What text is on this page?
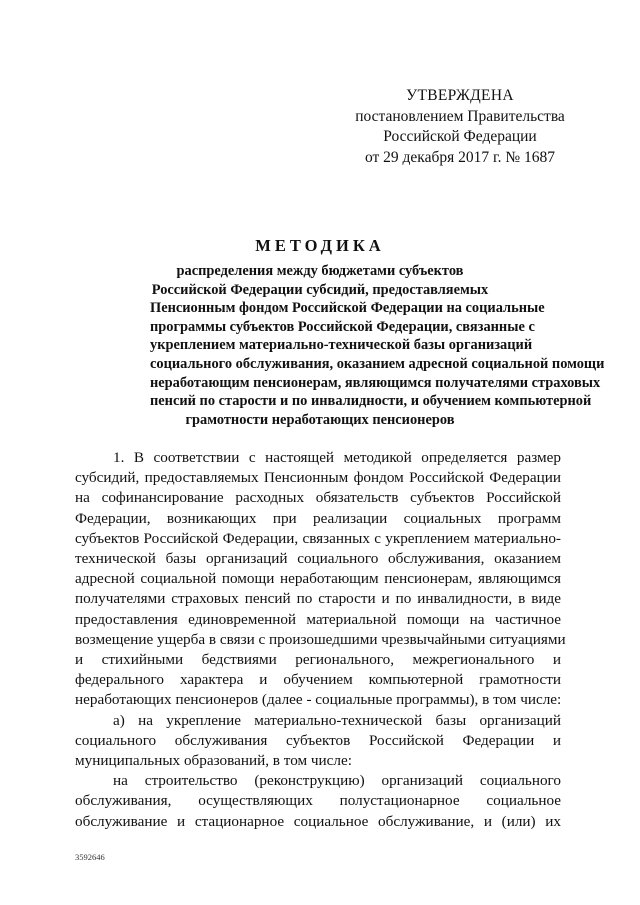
УТВЕРЖДЕНА
постановлением Правительства
Российской Федерации
от 29 декабря 2017 г. № 1687
МЕТОДИКА
распределения между бюджетами субъектов
Российской Федерации субсидий, предоставляемых
Пенсионным фондом Российской Федерации на социальные
программы субъектов Российской Федерации, связанные с
укреплением материально-технической базы организаций
социального обслуживания, оказанием адресной социальной помощи
неработающим пенсионерам, являющимся получателями страховых
пенсий по старости и по инвалидности, и обучением компьютерной
грамотности неработающих пенсионеров
1. В соответствии с настоящей методикой определяется размер
субсидий, предоставляемых Пенсионным фондом Российской Федерации
на софинансирование расходных обязательств субъектов Российской
Федерации, возникающих при реализации социальных программ
субъектов Российской Федерации, связанных с укреплением материально-
технической базы организаций социального обслуживания, оказанием
адресной социальной помощи неработающим пенсионерам, являющимся
получателями страховых пенсий по старости и по инвалидности, в виде
предоставления единовременной материальной помощи на частичное
возмещение ущерба в связи с произошедшими чрезвычайными ситуациями
и стихийными бедствиями регионального, межрегионального и
федерального характера и обучением компьютерной грамотности
неработающих пенсионеров (далее - социальные программы), в том числе:
а) на укрепление материально-технической базы организаций
социального обслуживания субъектов Российской Федерации и
муниципальных образований, в том числе:
на строительство (реконструкцию) организаций социального
обслуживания, осуществляющих полустационарное социальное
обслуживание и стационарное социальное обслуживание, и (или) их
3592646
